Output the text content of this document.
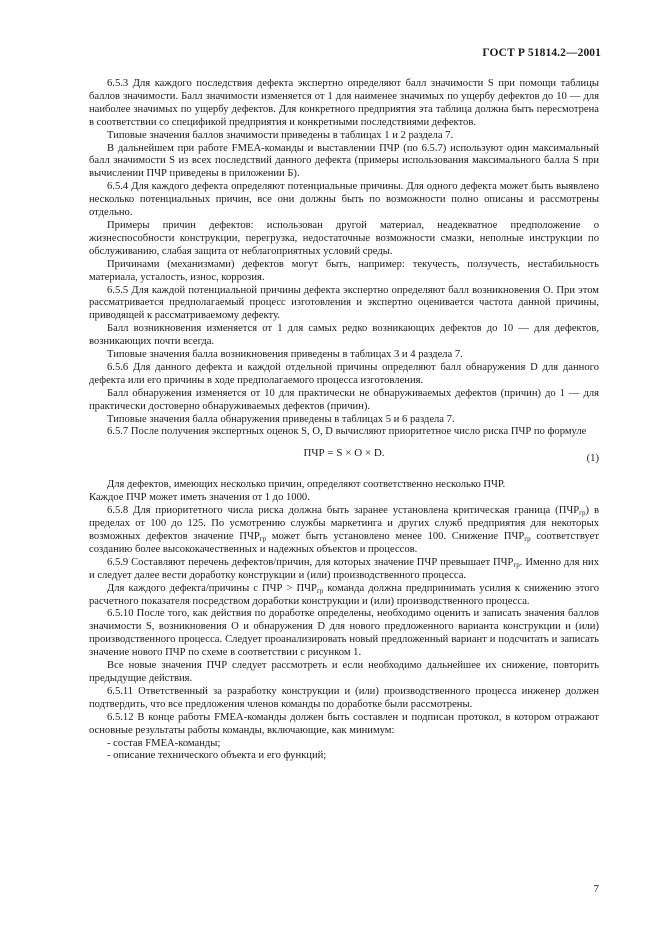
ГОСТ Р 51814.2—2001

6.5.3 Для каждого последствия дефекта экспертно определяют балл значимости S при помощи таблицы баллов значимости. Балл значимости изменяется от 1 для наименее значимых по ущербу дефектов до 10 — для наиболее значимых по ущербу дефектов. Для конкретного предприятия эта таблица должна быть пересмотрена в соответствии со спецификой предприятия и конкретными последствиями дефектов.

Типовые значения баллов значимости приведены в таблицах 1 и 2 раздела 7.

В дальнейшем при работе FMEA-команды и выставлении ПЧР (по 6.5.7) используют один максимальный балл значимости S из всех последствий данного дефекта (примеры использования максимального балла S при вычислении ПЧР приведены в приложении Б).

6.5.4 Для каждого дефекта определяют потенциальные причины. Для одного дефекта может быть выявлено несколько потенциальных причин, все они должны быть по возможности полно описаны и рассмотрены отдельно.

Примеры причин дефектов: использован другой материал, неадекватное предположение о жизнеспособности конструкции, перегрузка, недостаточные возможности смазки, неполные инструкции по обслуживанию, слабая защита от неблагоприятных условий среды.

Причинами (механизмами) дефектов могут быть, например: текучесть, ползучесть, нестабильность материала, усталость, износ, коррозия.

6.5.5 Для каждой потенциальной причины дефекта экспертно определяют балл возникновения О. При этом рассматривается предполагаемый процесс изготовления и экспертно оценивается частота данной причины, приводящей к рассматриваемому дефекту.

Балл возникновения изменяется от 1 для самых редко возникающих дефектов до 10 — для дефектов, возникающих почти всегда.

Типовые значения балла возникновения приведены в таблицах 3 и 4 раздела 7.

6.5.6 Для данного дефекта и каждой отдельной причины определяют балл обнаружения D для данного дефекта или его причины в ходе предполагаемого процесса изготовления.

Балл обнаружения изменяется от 10 для практически не обнаруживаемых дефектов (причин) до 1 — для практически достоверно обнаруживаемых дефектов (причин).

Типовые значения балла обнаружения приведены в таблицах 5 и 6 раздела 7.

6.5.7 После получения экспертных оценок S, О, D вычисляют приоритетное число риска ПЧР по формуле

ПЧР = S × O × D.	(1)

Для дефектов, имеющих несколько причин, определяют соответственно несколько ПЧР.

Каждое ПЧР может иметь значения от 1 до 1000.

6.5.8 Для приоритетного числа риска должна быть заранее установлена критическая граница $(ПЧР_{гр})$ в пределах от 100 до 125. По усмотрению службы маркетинга и других служб предприятия для некоторых возможных дефектов значение $ПЧР_{гр}$ может быть установлено менее 100. Снижение $ПЧР_{гр}$ соответствует созданию более высококачественных и надежных объектов и процессов.

6.5.9 Составляют перечень дефектов/причин, для которых значение ПЧР превышает $ПЧР_{гр}$. Именно для них и следует далее вести доработку конструкции и (или) производственного процесса.

Для каждого дефекта/причины с ПЧР > $ПЧР_{гр}$ команда должна предпринимать усилия к снижению этого расчетного показателя посредством доработки конструкции и (или) производственного процесса.

6.5.10 После того, как действия по доработке определены, необходимо оценить и записать значения баллов значимости S, возникновения О и обнаружения D для нового предложенного варианта конструкции и (или) производственного процесса. Следует проанализировать новый предложенный вариант и подсчитать и записать значение нового ПЧР по схеме в соответствии с рисунком 1.

Все новые значения ПЧР следует рассмотреть и если необходимо дальнейшее их снижение, повторить предыдущие действия.

6.5.11 Ответственный за разработку конструкции и (или) производственного процесса инженер должен подтвердить, что все предложения членов команды по доработке были рассмотрены.

6.5.12 В конце работы FMEA-команды должен быть составлен и подписан протокол, в котором отражают основные результаты работы команды, включающие, как минимум:

- состав FMEA-команды;

- описание технического объекта и его функций;

7
